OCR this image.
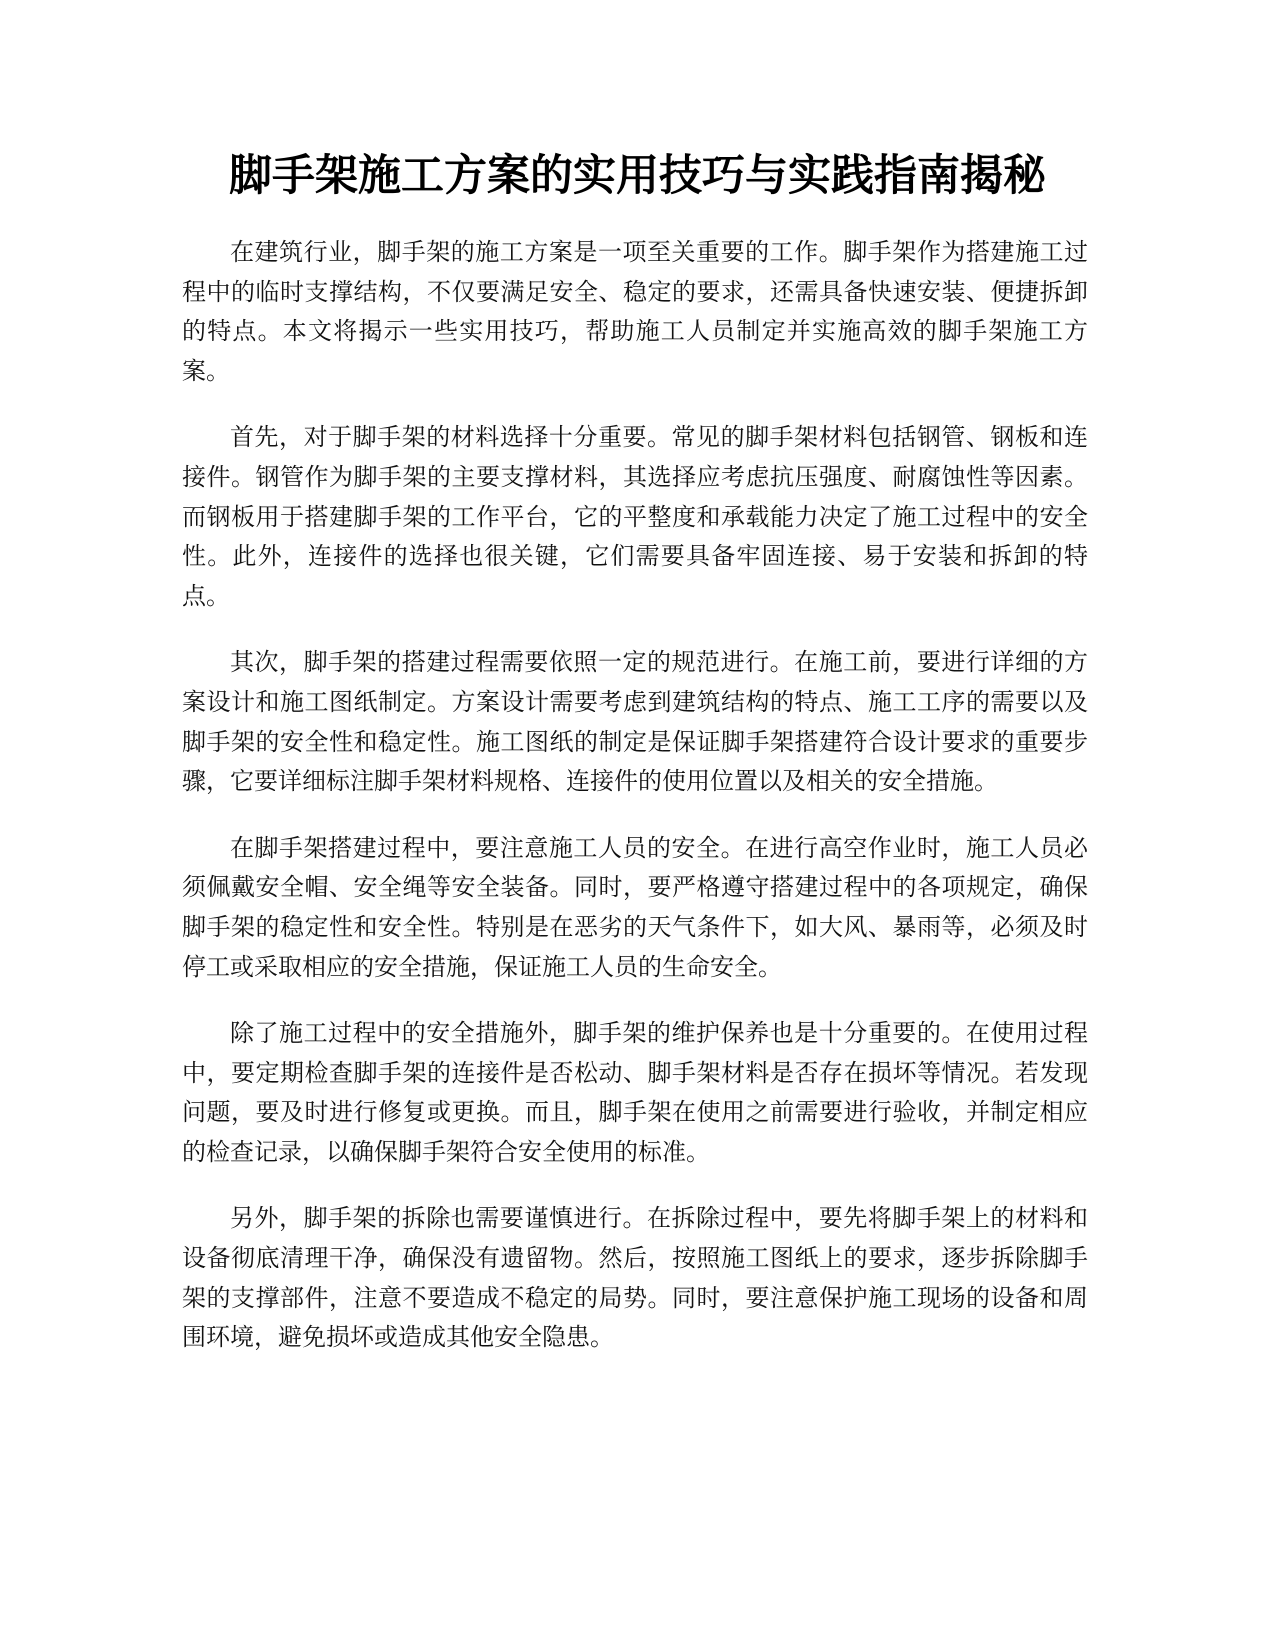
脚手架施工方案的实用技巧与实践指南揭秘

在建筑行业，脚手架的施工方案是一项至关重要的工作。脚手架作为搭建施工过程中的临时支撑结构，不仅要满足安全、稳定的要求，还需具备快速安装、便捷拆卸的特点。本文将揭示一些实用技巧，帮助施工人员制定并实施高效的脚手架施工方案。

首先，对于脚手架的材料选择十分重要。常见的脚手架材料包括钢管、钢板和连接件。钢管作为脚手架的主要支撑材料，其选择应考虑抗压强度、耐腐蚀性等因素。而钢板用于搭建脚手架的工作平台，它的平整度和承载能力决定了施工过程中的安全性。此外，连接件的选择也很关键，它们需要具备牢固连接、易于安装和拆卸的特点。

其次，脚手架的搭建过程需要依照一定的规范进行。在施工前，要进行详细的方案设计和施工图纸制定。方案设计需要考虑到建筑结构的特点、施工工序的需要以及脚手架的安全性和稳定性。施工图纸的制定是保证脚手架搭建符合设计要求的重要步骤，它要详细标注脚手架材料规格、连接件的使用位置以及相关的安全措施。

在脚手架搭建过程中，要注意施工人员的安全。在进行高空作业时，施工人员必须佩戴安全帽、安全绳等安全装备。同时，要严格遵守搭建过程中的各项规定，确保脚手架的稳定性和安全性。特别是在恶劣的天气条件下，如大风、暴雨等，必须及时停工或采取相应的安全措施，保证施工人员的生命安全。

除了施工过程中的安全措施外，脚手架的维护保养也是十分重要的。在使用过程中，要定期检查脚手架的连接件是否松动、脚手架材料是否存在损坏等情况。若发现问题，要及时进行修复或更换。而且，脚手架在使用之前需要进行验收，并制定相应的检查记录，以确保脚手架符合安全使用的标准。

另外，脚手架的拆除也需要谨慎进行。在拆除过程中，要先将脚手架上的材料和设备彻底清理干净，确保没有遗留物。然后，按照施工图纸上的要求，逐步拆除脚手架的支撑部件，注意不要造成不稳定的局势。同时，要注意保护施工现场的设备和周围环境，避免损坏或造成其他安全隐患。
